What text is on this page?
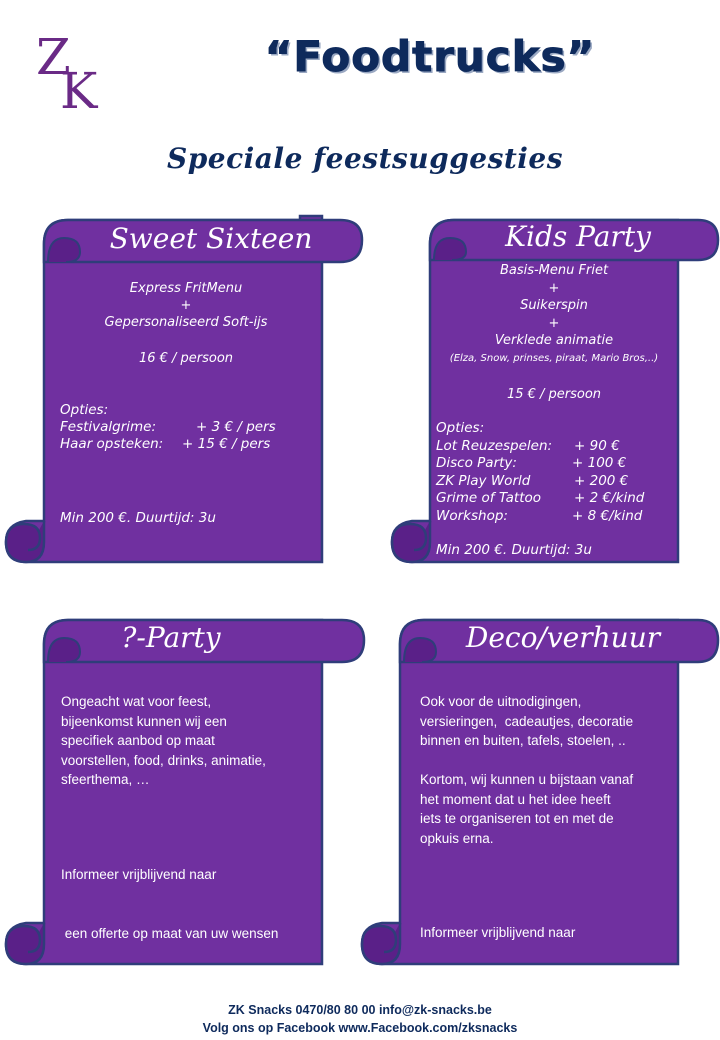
Z
K
“Foodtrucks”
Speciale feestsuggesties
Sweet Sixteen
Express FritMenu
+
Gepersonaliseerd Soft-ijs
16 € / persoon
Opties:
Festivalgrime:	+ 3 € / pers
Haar opsteken:	+ 15 € / pers
Min 200 €. Duurtijd: 3u
Kids Party
Basis-Menu Friet
+
Suikerspin
+
Verklede animatie
(Elza, Snow, prinses, piraat, Mario Bros,..)
15 € / persoon
Opties:
Lot Reuzespelen:	+ 90 €
Disco Party:	+ 100 €
ZK Play World	+ 200 €
Grime of Tattoo	+ 2 €/kind
Workshop:	+ 8 €/kind
Min 200 €. Duurtijd: 3u
?-Party
Ongeacht wat voor feest,
bijeenkomst kunnen wij een
specifiek aanbod op maat
voorstellen, food, drinks, animatie,
sfeerthema, …

Informeer vrijblijvend naar

een offerte op maat van uw wensen

Deco/verhuur
Ook voor de uitnodigingen,
versieringen,  cadeautjes, decoratie
binnen en buiten, tafels, stoelen, ..
Kortom, wij kunnen u bijstaan vanaf
het moment dat u het idee heeft
iets te organiseren tot en met de
opkuis erna.

Informeer vrijblijvend naar

een offerte op maat van uw wensen

ZK Snacks 0470/80 80 00 info@zk-snacks.be
Volg ons op Facebook www.Facebook.com/zksnacks
